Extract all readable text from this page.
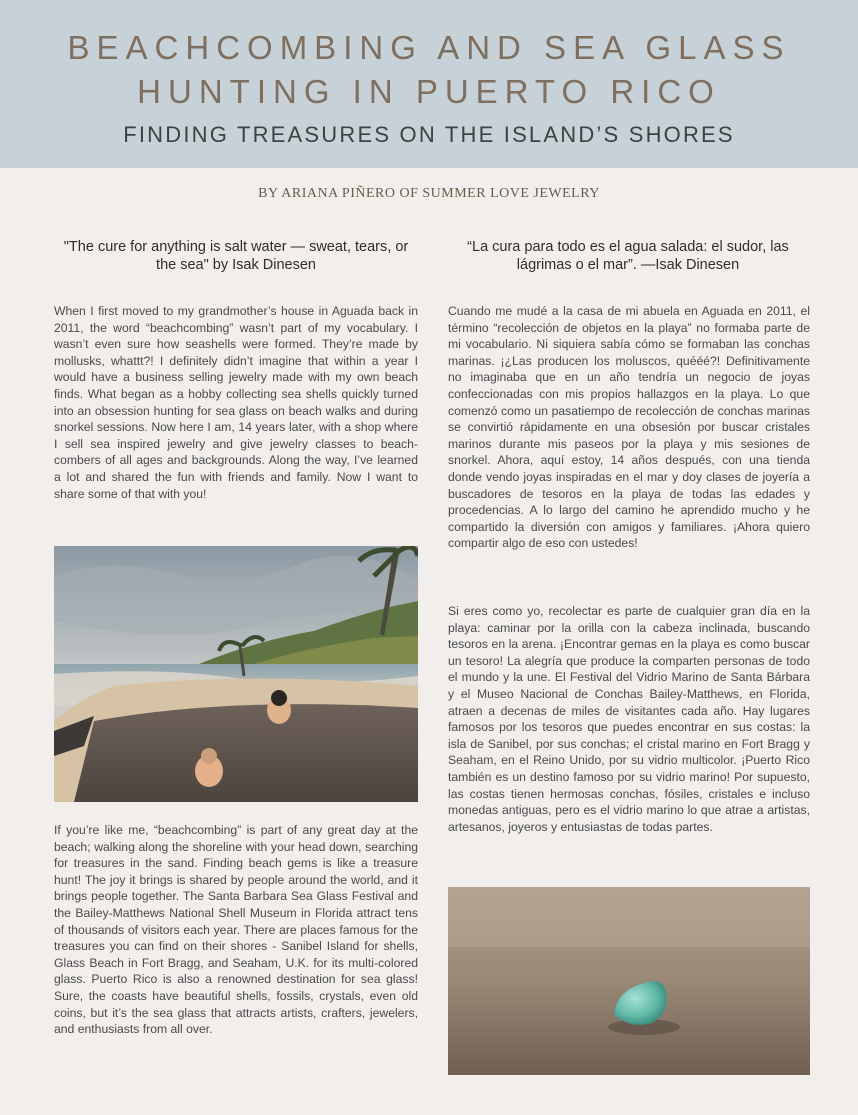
BEACHCOMBING AND SEA GLASS
HUNTING IN PUERTO RICO
FINDING TREASURES ON THE ISLAND’S SHORES
BY ARIANA PIÑERO OF SUMMER LOVE JEWELRY
"The cure for anything is salt water — sweat, tears, or the sea" by Isak Dinesen
“La cura para todo es el agua salada: el sudor, las lágrimas o el mar”. —Isak Dinesen

When I first moved to my grandmother’s house in Aguada back in 2011, the word “beachcombing” wasn’t part of my vocabulary. I wasn’t even sure how seashells were formed. They’re made by mollusks, whattt?! I definitely didn’t imagine that within a year I would have a business selling jewelry made with my own beach finds. What began as a hobby collecting sea shells quickly turned into an obsession hunting for sea glass on beach walks and during snorkel sessions. Now here I am, 14 years later, with a shop where I sell sea inspired jewelry and give jewelry classes to beach-combers of all ages and backgrounds. Along the way, I’ve learned a lot and shared the fun with friends and family. Now I want to share some of that with you!

If you’re like me, “beachcombing” is part of any great day at the beach; walking along the shoreline with your head down, searching for treasures in the sand. Finding beach gems is like a treasure hunt! The joy it brings is shared by people around the world, and it brings people together. The Santa Barbara Sea Glass Festival and the Bailey-Matthews National Shell Museum in Florida attract tens of thousands of visitors each year. There are places famous for the treasures you can find on their shores - Sanibel Island for shells, Glass Beach in Fort Bragg, and Seaham, U.K. for its multi-colored glass. Puerto Rico is also a renowned destination for sea glass! Sure, the coasts have beautiful shells, fossils, crystals, even old coins, but it’s the sea glass that attracts artists, crafters, jewelers, and enthusiasts from all over.

Cuando me mudé a la casa de mi abuela en Aguada en 2011, el término “recolección de objetos en la playa” no formaba parte de mi vocabulario. Ni siquiera sabía cómo se formaban las conchas marinas. ¡¿Las producen los moluscos, quééé?! Definitivamente no imaginaba que en un año tendría un negocio de joyas confeccionadas con mis propios hallazgos en la playa. Lo que comenzó como un pasatiempo de recolección de conchas marinas se convirtió rápidamente en una obsesión por buscar cristales marinos durante mis paseos por la playa y mis sesiones de snorkel. Ahora, aquí estoy, 14 años después, con una tienda donde vendo joyas inspiradas en el mar y doy clases de joyería a buscadores de tesoros en la playa de todas las edades y procedencias. A lo largo del camino he aprendido mucho y he compartido la diversión con amigos y familiares. ¡Ahora quiero compartir algo de eso con ustedes!

Si eres como yo, recolectar es parte de cualquier gran día en la playa: caminar por la orilla con la cabeza inclinada, buscando tesoros en la arena. ¡Encontrar gemas en la playa es como buscar un tesoro! La alegría que produce la comparten personas de todo el mundo y la une. El Festival del Vidrio Marino de Santa Bárbara y el Museo Nacional de Conchas Bailey-Matthews, en Florida, atraen a decenas de miles de visitantes cada año. Hay lugares famosos por los tesoros que puedes encontrar en sus costas: la isla de Sanibel, por sus conchas; el cristal marino en Fort Bragg y Seaham, en el Reino Unido, por su vidrio multicolor. ¡Puerto Rico también es un destino famoso por su vidrio marino! Por supuesto, las costas tienen hermosas conchas, fósiles, cristales e incluso monedas antiguas, pero es el vidrio marino lo que atrae a artistas, artesanos, joyeros y entusiastas de todas partes.
